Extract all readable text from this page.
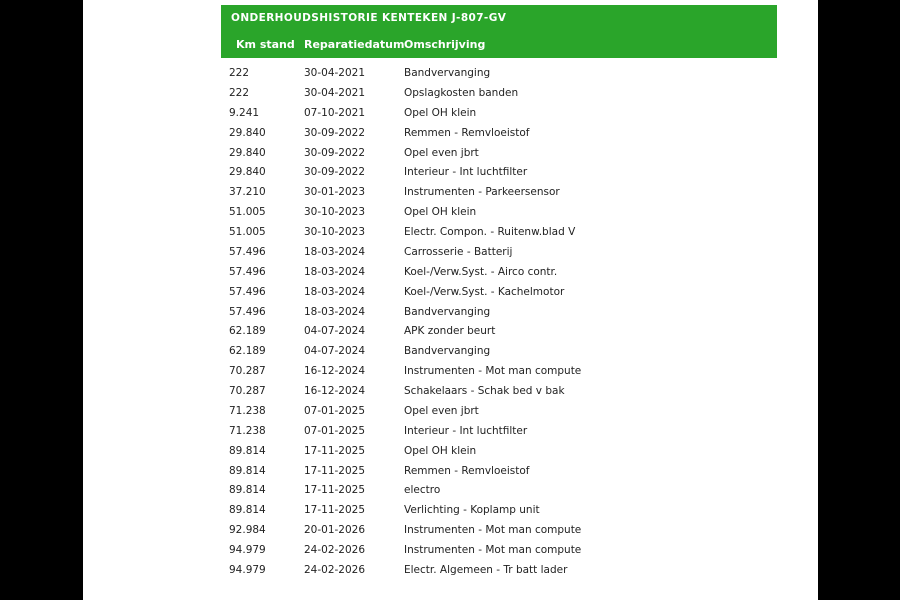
ONDERHOUDSHISTORIE KENTEKEN J-807-GV
Km stand Reparatiedatum Omschrijving
222	30-04-2021	Bandvervanging
222	30-04-2021	Opslagkosten banden
9.241	07-10-2021	Opel OH klein
29.840	30-09-2022	Remmen - Remvloeistof
29.840	30-09-2022	Opel even jbrt
29.840	30-09-2022	Interieur - Int luchtfilter
37.210	30-01-2023	Instrumenten - Parkeersensor
51.005	30-10-2023	Opel OH klein
51.005	30-10-2023	Electr. Compon. - Ruitenw.blad V
57.496	18-03-2024	Carrosserie - Batterij
57.496	18-03-2024	Koel-/Verw.Syst. - Airco contr.
57.496	18-03-2024	Koel-/Verw.Syst. - Kachelmotor
57.496	18-03-2024	Bandvervanging
62.189	04-07-2024	APK zonder beurt
62.189	04-07-2024	Bandvervanging
70.287	16-12-2024	Instrumenten - Mot man compute
70.287	16-12-2024	Schakelaars - Schak bed v bak
71.238	07-01-2025	Opel even jbrt
71.238	07-01-2025	Interieur - Int luchtfilter
89.814	17-11-2025	Opel OH klein
89.814	17-11-2025	Remmen - Remvloeistof
89.814	17-11-2025	electro
89.814	17-11-2025	Verlichting - Koplamp unit
92.984	20-01-2026	Instrumenten - Mot man compute
94.979	24-02-2026	Instrumenten - Mot man compute
94.979	24-02-2026	Electr. Algemeen - Tr batt lader
